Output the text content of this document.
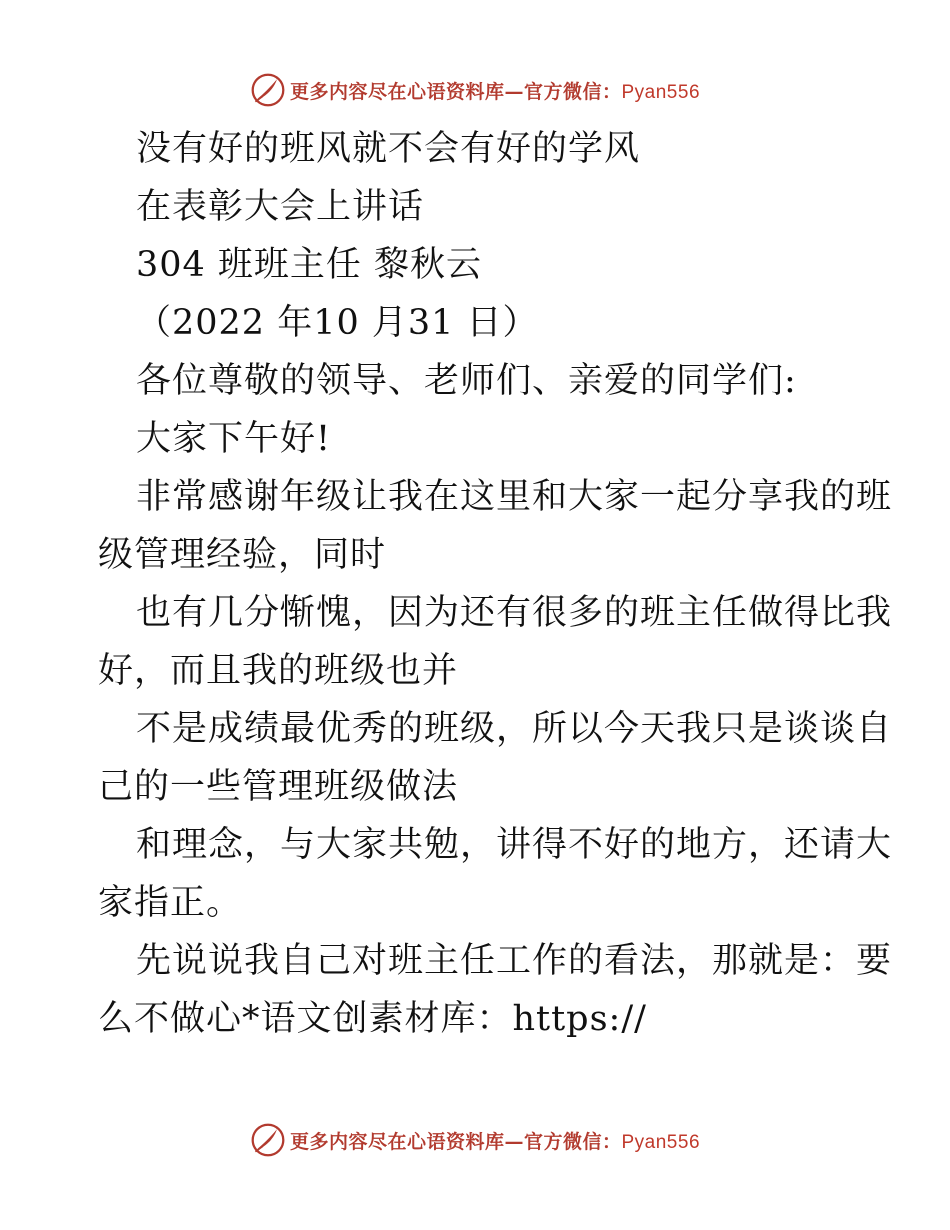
更多内容尽在心语资料库—官方微信：Pyan556
没有好的班风就不会有好的学风
在表彰大会上讲话
304 班班主任 黎秋云
（2022 年10 月31 日）
各位尊敬的领导、老师们、亲爱的同学们:
大家下午好!
非常感谢年级让我在这里和大家一起分享我的班
级管理经验，同时
也有几分惭愧，因为还有很多的班主任做得比我
好，而且我的班级也并
不是成绩最优秀的班级，所以今天我只是谈谈自
己的一些管理班级做法
和理念，与大家共勉，讲得不好的地方，还请大
家指正。
先说说我自己对班主任工作的看法，那就是：要
么不做心*语文创素材库：https://
更多内容尽在心语资料库—官方微信：Pyan556
